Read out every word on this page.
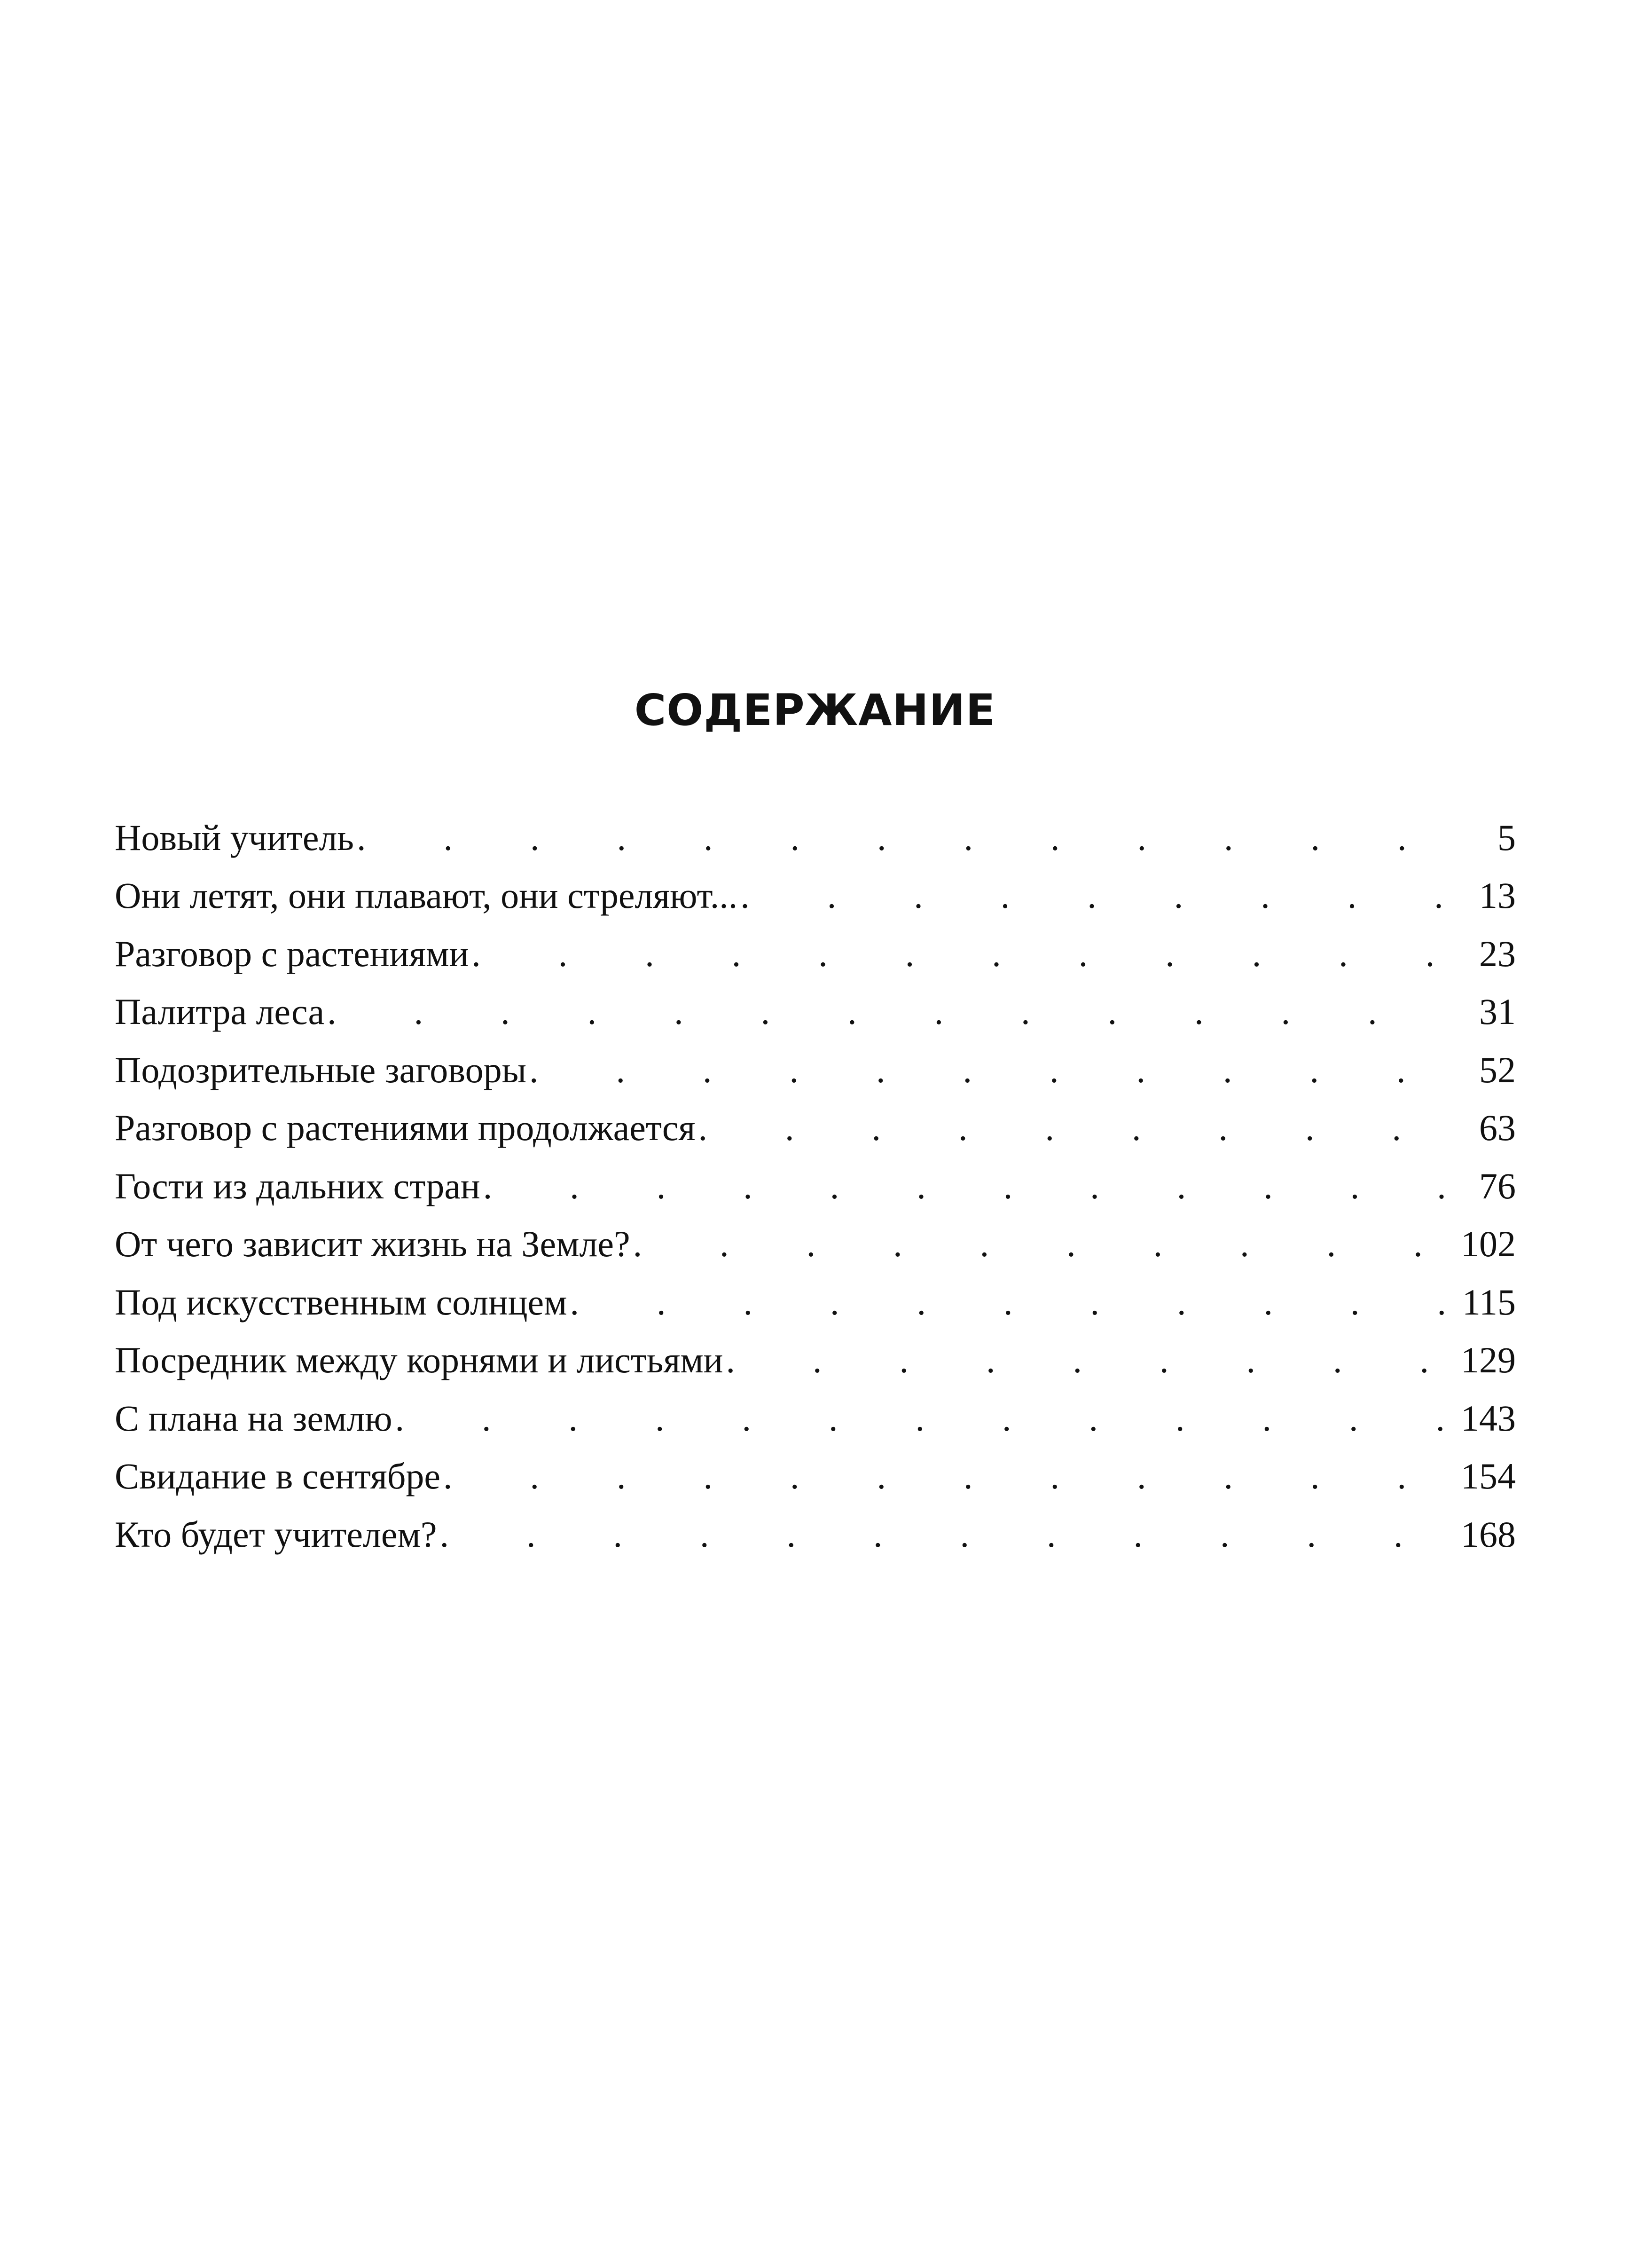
СОДЕРЖАНИЕ
Новый учитель .	5
Они летят, они плавают, они стреляют... .	13
Разговор с растениями .	23
Палитра леса .	31
Подозрительные заговоры .	52
Разговор с растениями продолжается .	63
Гости из дальних стран .	76
От чего зависит жизнь на Земле? .	102
Под искусственным солнцем .	115
Посредник между корнями и листьями .	129
С плана на землю .	143
Свидание в сентябре .	154
Кто будет учителем? .	168
